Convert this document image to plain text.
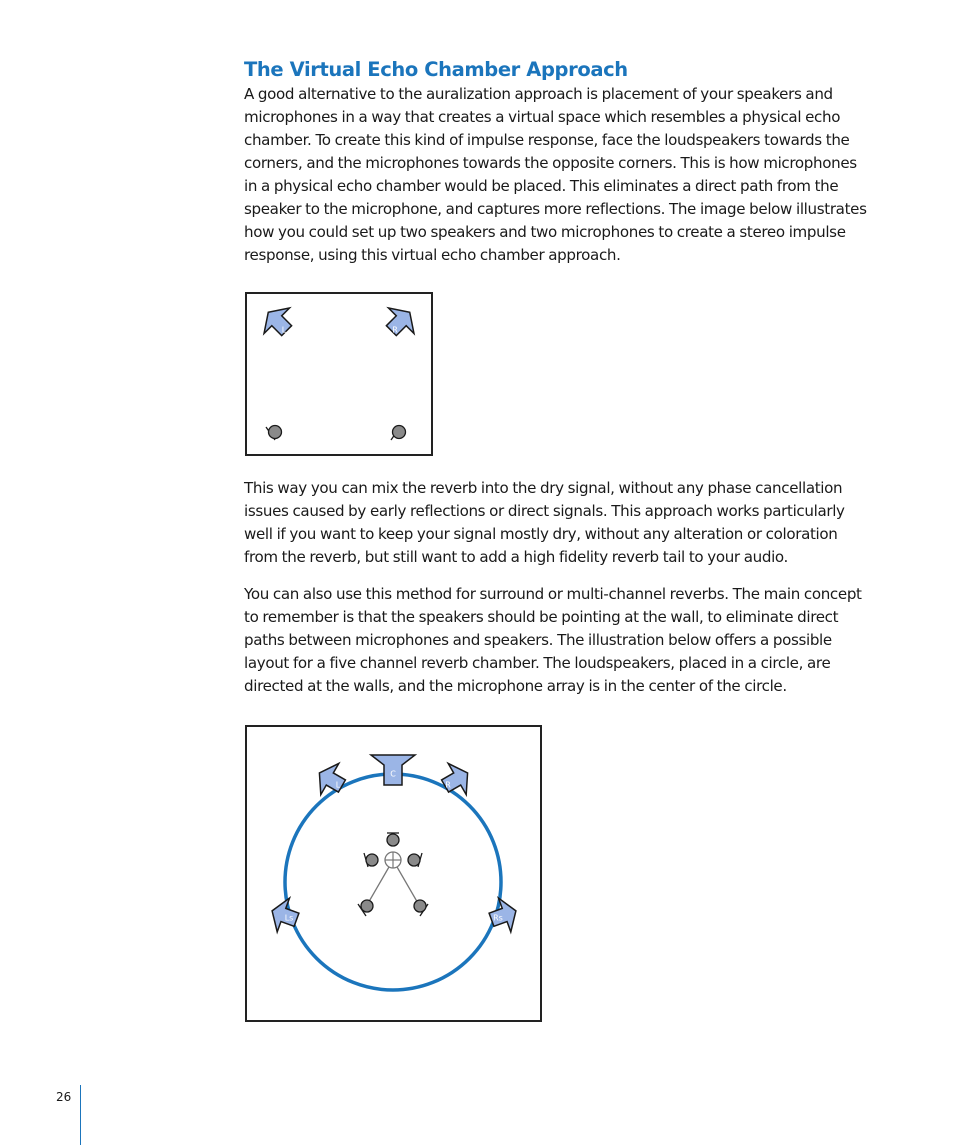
The Virtual Echo Chamber Approach

A good alternative to the auralization approach is placement of your speakers and microphones in a way that creates a virtual space which resembles a physical echo chamber. To create this kind of impulse response, face the loudspeakers towards the corners, and the microphones towards the opposite corners. This is how microphones in a physical echo chamber would be placed. This eliminates a direct path from the speaker to the microphone, and captures more reflections. The image below illustrates how you could set up two speakers and two microphones to create a stereo impulse response, using this virtual echo chamber approach.

L	R

This way you can mix the reverb into the dry signal, without any phase cancellation issues caused by early reflections or direct signals. This approach works particularly well if you want to keep your signal mostly dry, without any alteration or coloration from the reverb, but still want to add a high fidelity reverb tail to your audio.

You can also use this method for surround or multi-channel reverbs. The main concept to remember is that the speakers should be pointing at the wall, to eliminate direct paths between microphones and speakers. The illustration below offers a possible layout for a five channel reverb chamber. The loudspeakers, placed in a circle, are directed at the walls, and the microphone array is in the center of the circle.

C
L	R
Ls	Rs
26
